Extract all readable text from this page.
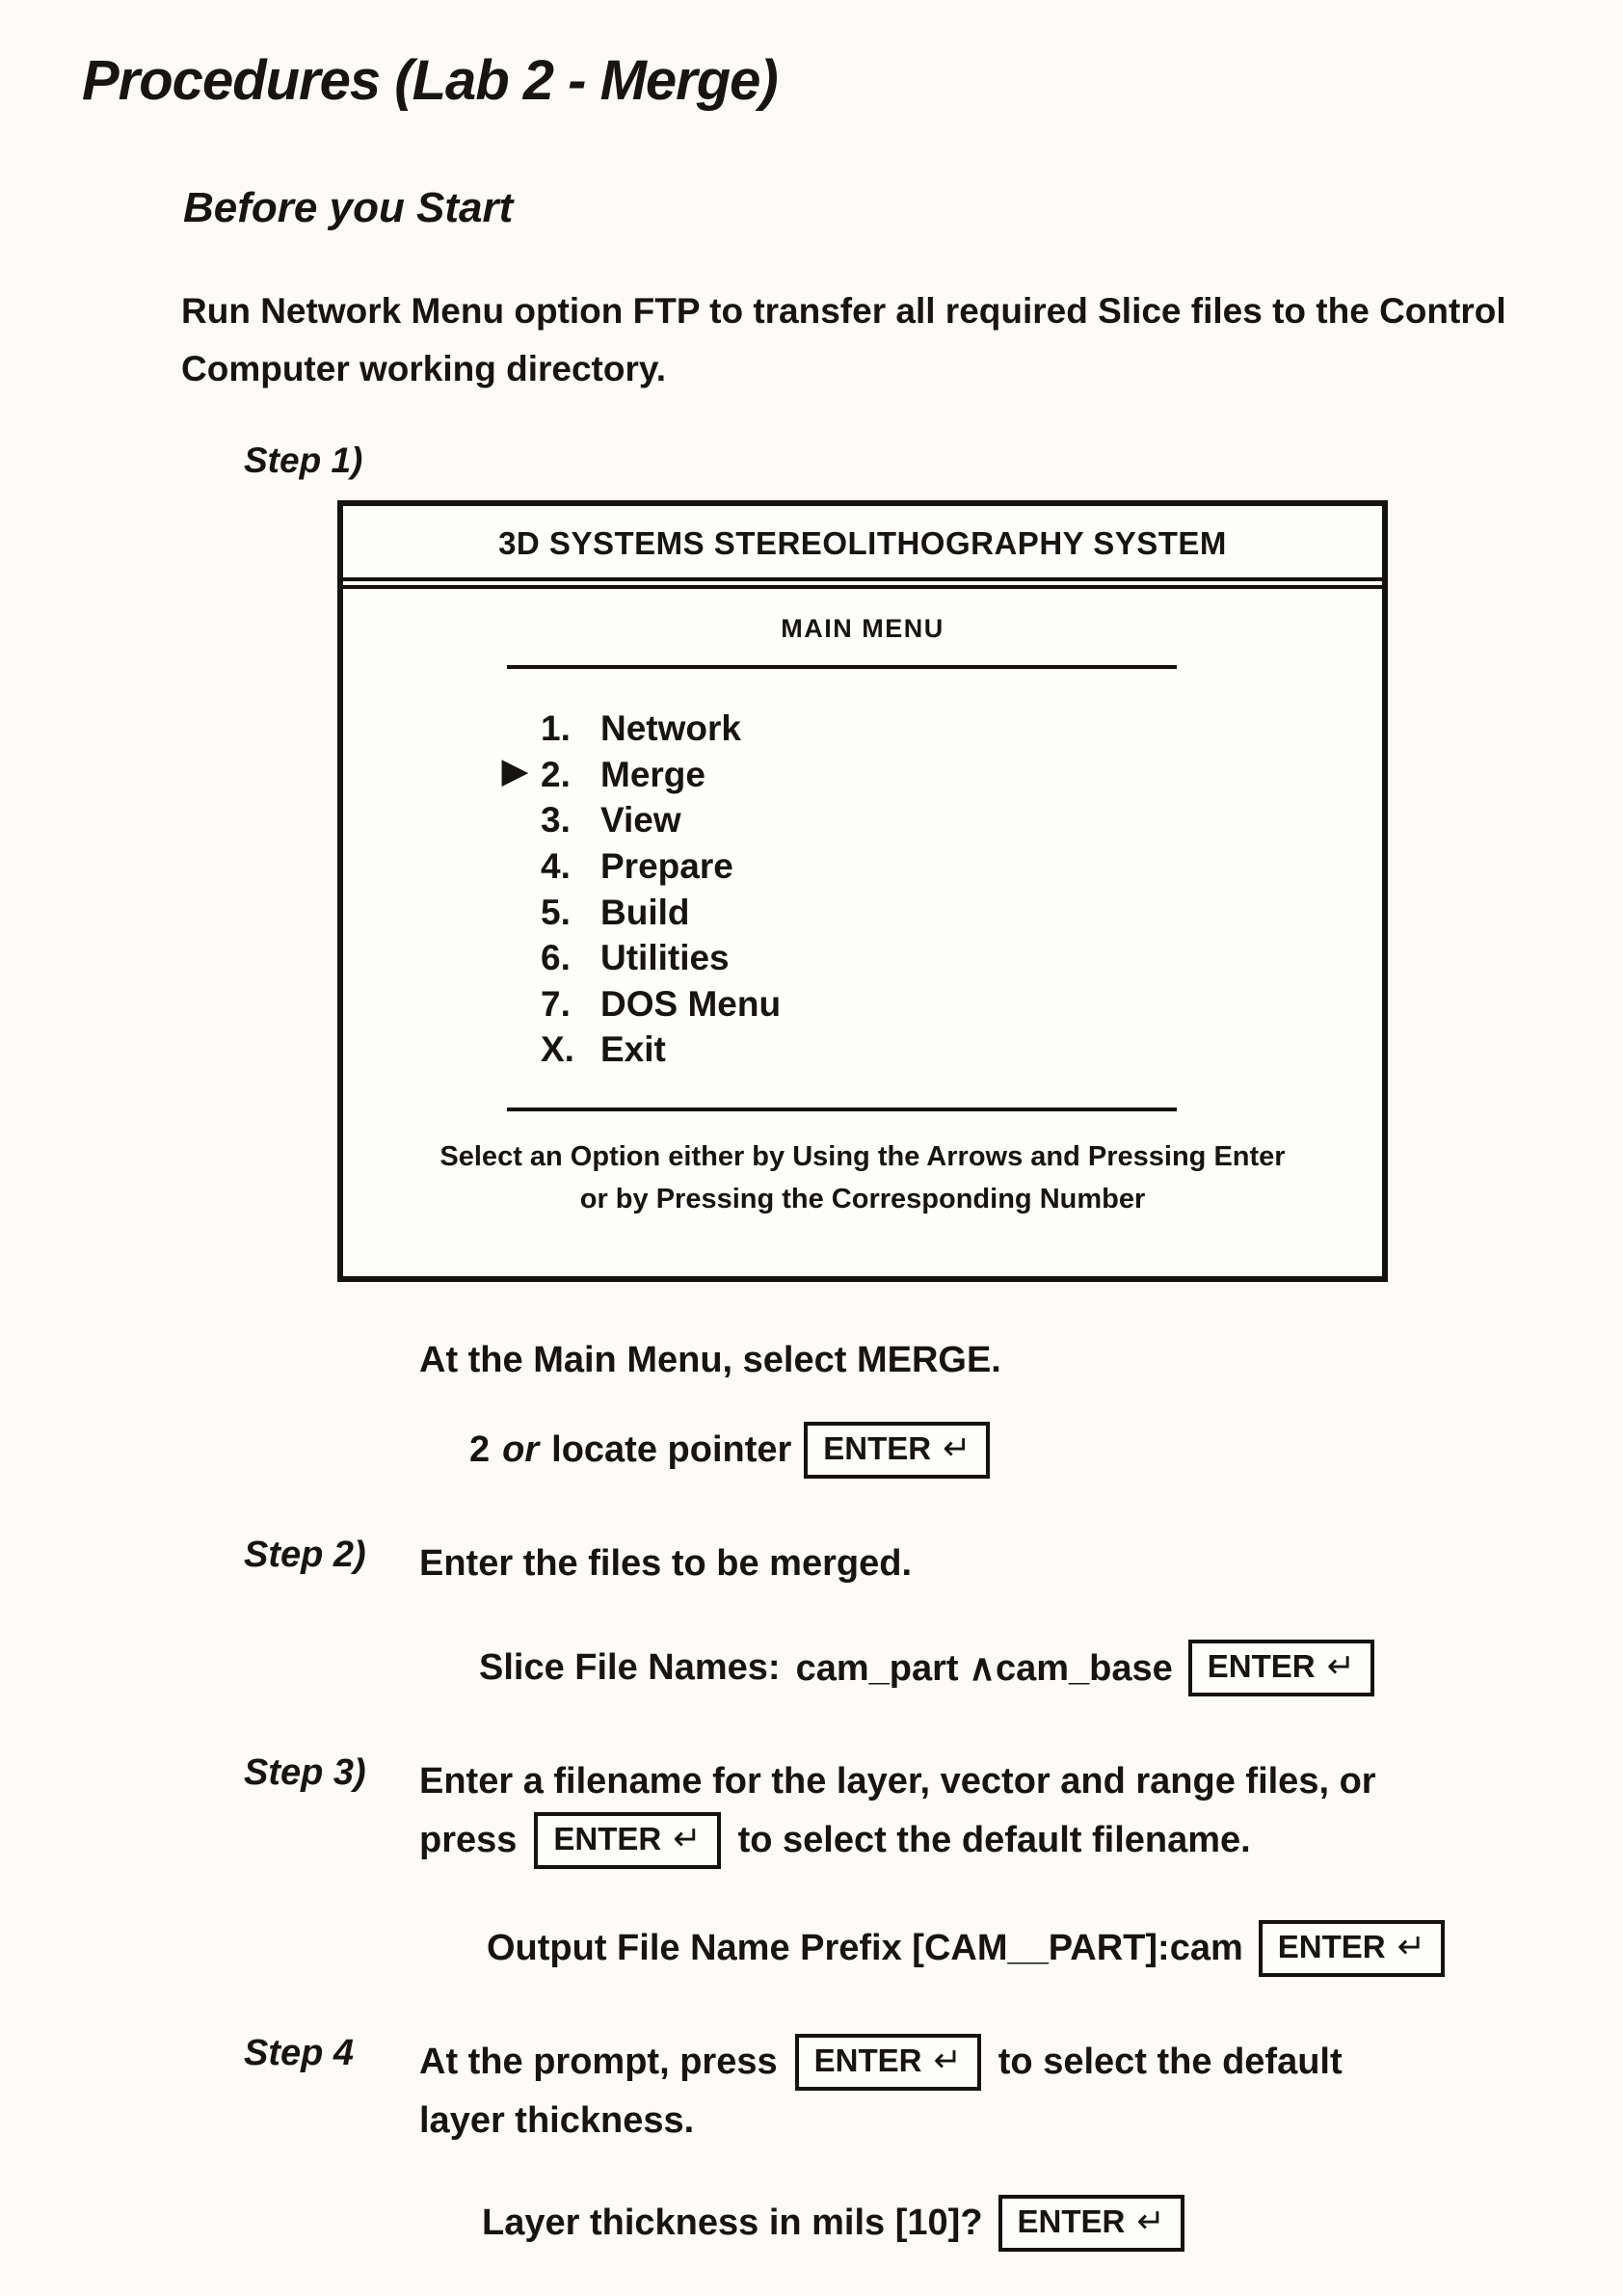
Procedures (Lab 2 - Merge)
Before you Start

Run Network Menu option FTP to transfer all required Slice files to the Control Computer working directory.

Step 1)
3D SYSTEMS STEREOLITHOGRAPHY SYSTEM
MAIN MENU
1. Network
▶ 2. Merge
3. View
4. Prepare
5. Build
6. Utilities
7. DOS Menu
X. Exit
Select an Option either by Using the Arrows and Pressing Enter
or by Pressing the Corresponding Number

At the Main Menu, select MERGE.

2 or locate pointer ENTER ↵
Step 2)	Enter the files to be merged.
Slice File Names: cam_part ∧cam_base ENTER ↵
Step 3)	Enter a filename for the layer, vector and range files, or
press ENTER ↵ to select the default filename.
Output File Name Prefix [CAM__PART]:cam ENTER ↵
Step 4	At the prompt, press ENTER ↵ to select the default
layer thickness.
Layer thickness in mils [10]? ENTER ↵
